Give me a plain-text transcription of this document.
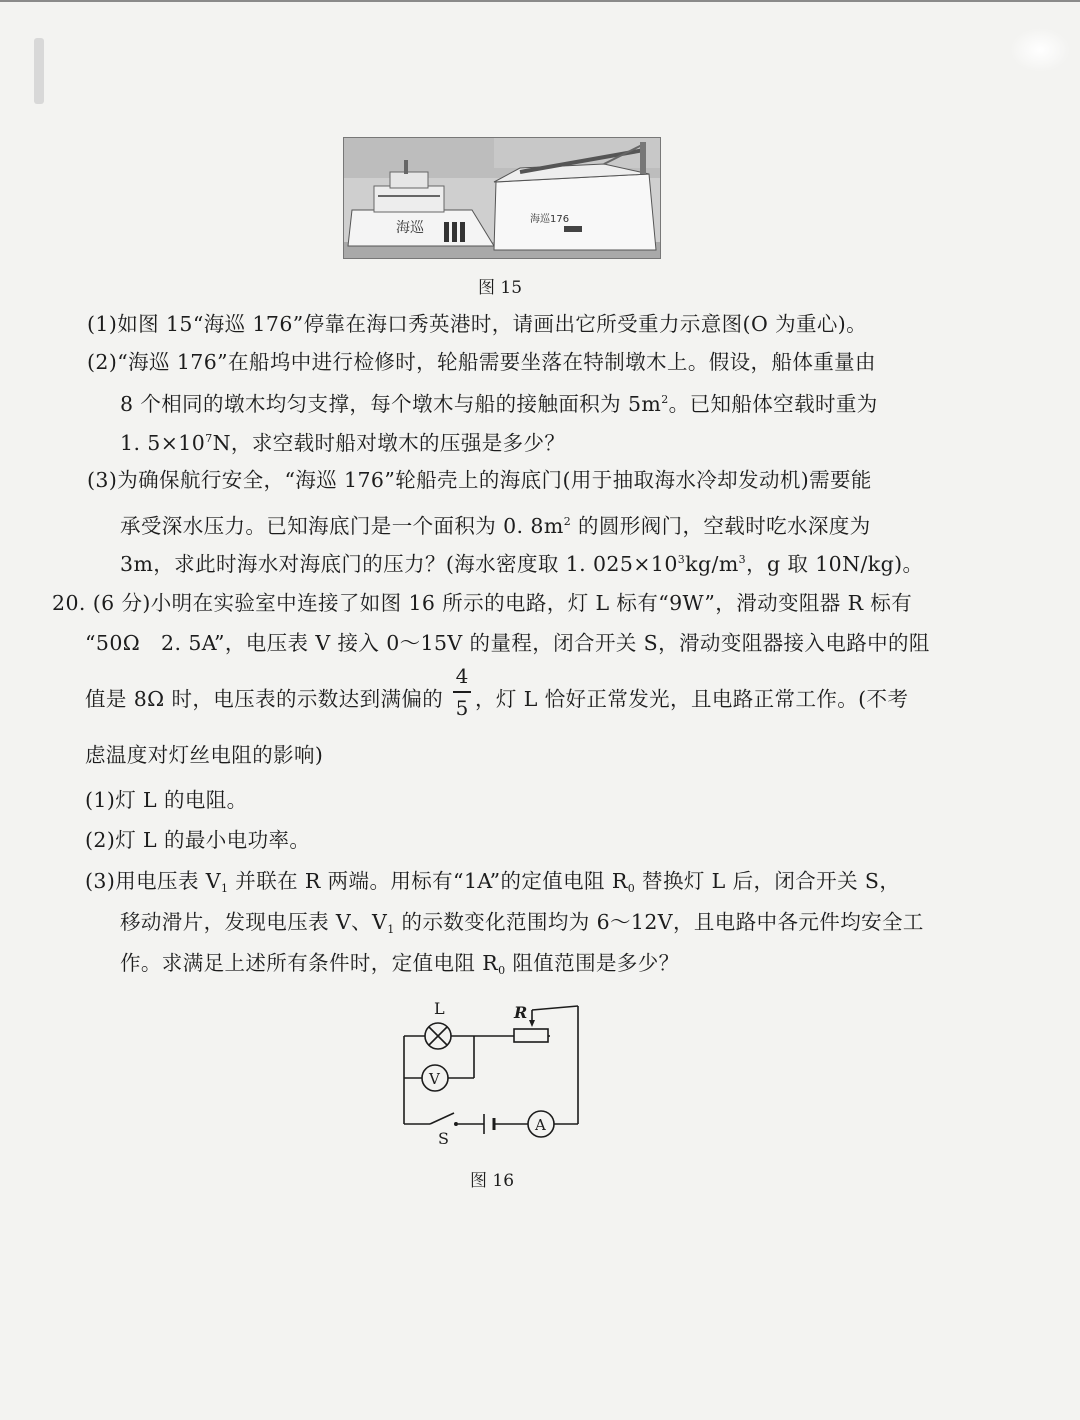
海巡
海巡176
图 15
(1)如图 15“海巡 176”停靠在海口秀英港时，请画出它所受重力示意图(O 为重心)。
(2)“海巡 176”在船坞中进行检修时，轮船需要坐落在特制墩木上。假设，船体重量由
8 个相同的墩木均匀支撑，每个墩木与船的接触面积为 $5m^2$。已知船体空载时重为
1. $5\times 10^7N$，求空载时船对墩木的压强是多少？
(3)为确保航行安全，“海巡 176”轮船壳上的海底门(用于抽取海水冷却发动机)需要能
承受深水压力。已知海底门是一个面积为 0. $8m^2$ 的圆形阀门，空载时吃水深度为
3m，求此时海水对海底门的压力？(海水密度取 1. $025\times 10^3kg/m^3$，g 取 10N/kg)。
20. (6 分)小明在实验室中连接了如图 16 所示的电路，灯 L 标有“9W”，滑动变阻器 R 标有
“50Ω　2. 5A”，电压表 V 接入 0～15V 的量程，闭合开关 S，滑动变阻器接入电路中的阻
值是 8Ω 时，电压表的示数达到满偏的
4
5 ，灯 L 恰好正常发光，且电路正常工作。(不考
虑温度对灯丝电阻的影响)
(1)灯 L 的电阻。
(2)灯 L 的最小电功率。
(3)用电压表 $V_1$ 并联在 R 两端。用标有“1A”的定值电阻 $R_0$ 替换灯 L 后，闭合开关 S，
移动滑片，发现电压表 V、$V_1$ 的示数变化范围均为 6～12V，且电路中各元件均安全工
作。求满足上述所有条件时，定值电阻 $R_0$ 阻值范围是多少？
L	R
V
S
A
图 16
